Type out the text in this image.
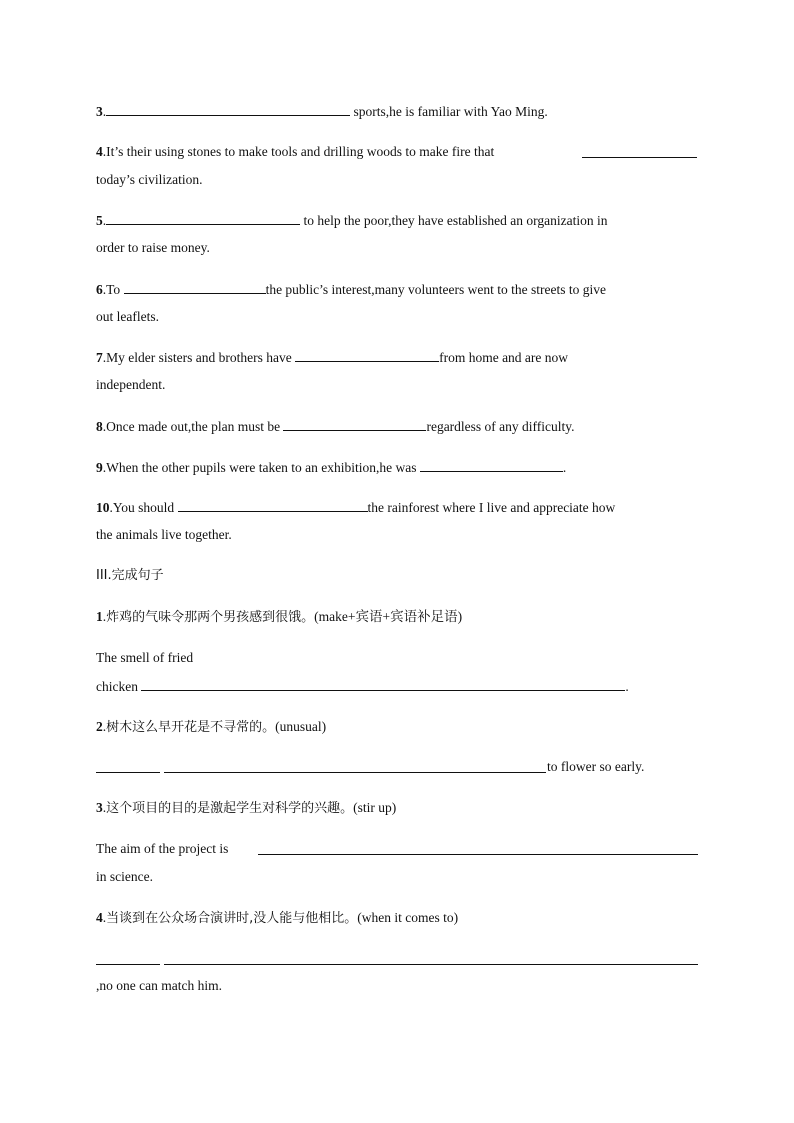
3.	sports,he is familiar with Yao Ming.
4.It’s their using stones to make tools and drilling woods to make fire that
today’s civilization.
5.	to help the poor,they have established an organization in
order to raise money.
6.To	the public’s interest,many volunteers went to the streets to give
out leaflets.
7.My elder sisters and brothers have	from home and are now
independent.
8.Once made out,the plan must be	regardless of any difficulty.
9.When the other pupils were taken to an exhibition,he was	.
10.You should	the rainforest where I live and appreciate how
the animals live together.
III.完成句子
1.炸鸡的气味令那两个男孩感到很饿。(make+宾语+宾语补足语)
The smell of fried
chicken	.
2.树木这么早开花是不寻常的。(unusual)
to flower so early.
3.这个项目的目的是激起学生对科学的兴趣。(stir up)
The aim of the project is
in science.
4.当谈到在公众场合演讲时,没人能与他相比。(when it comes to)
,no one can match him.
